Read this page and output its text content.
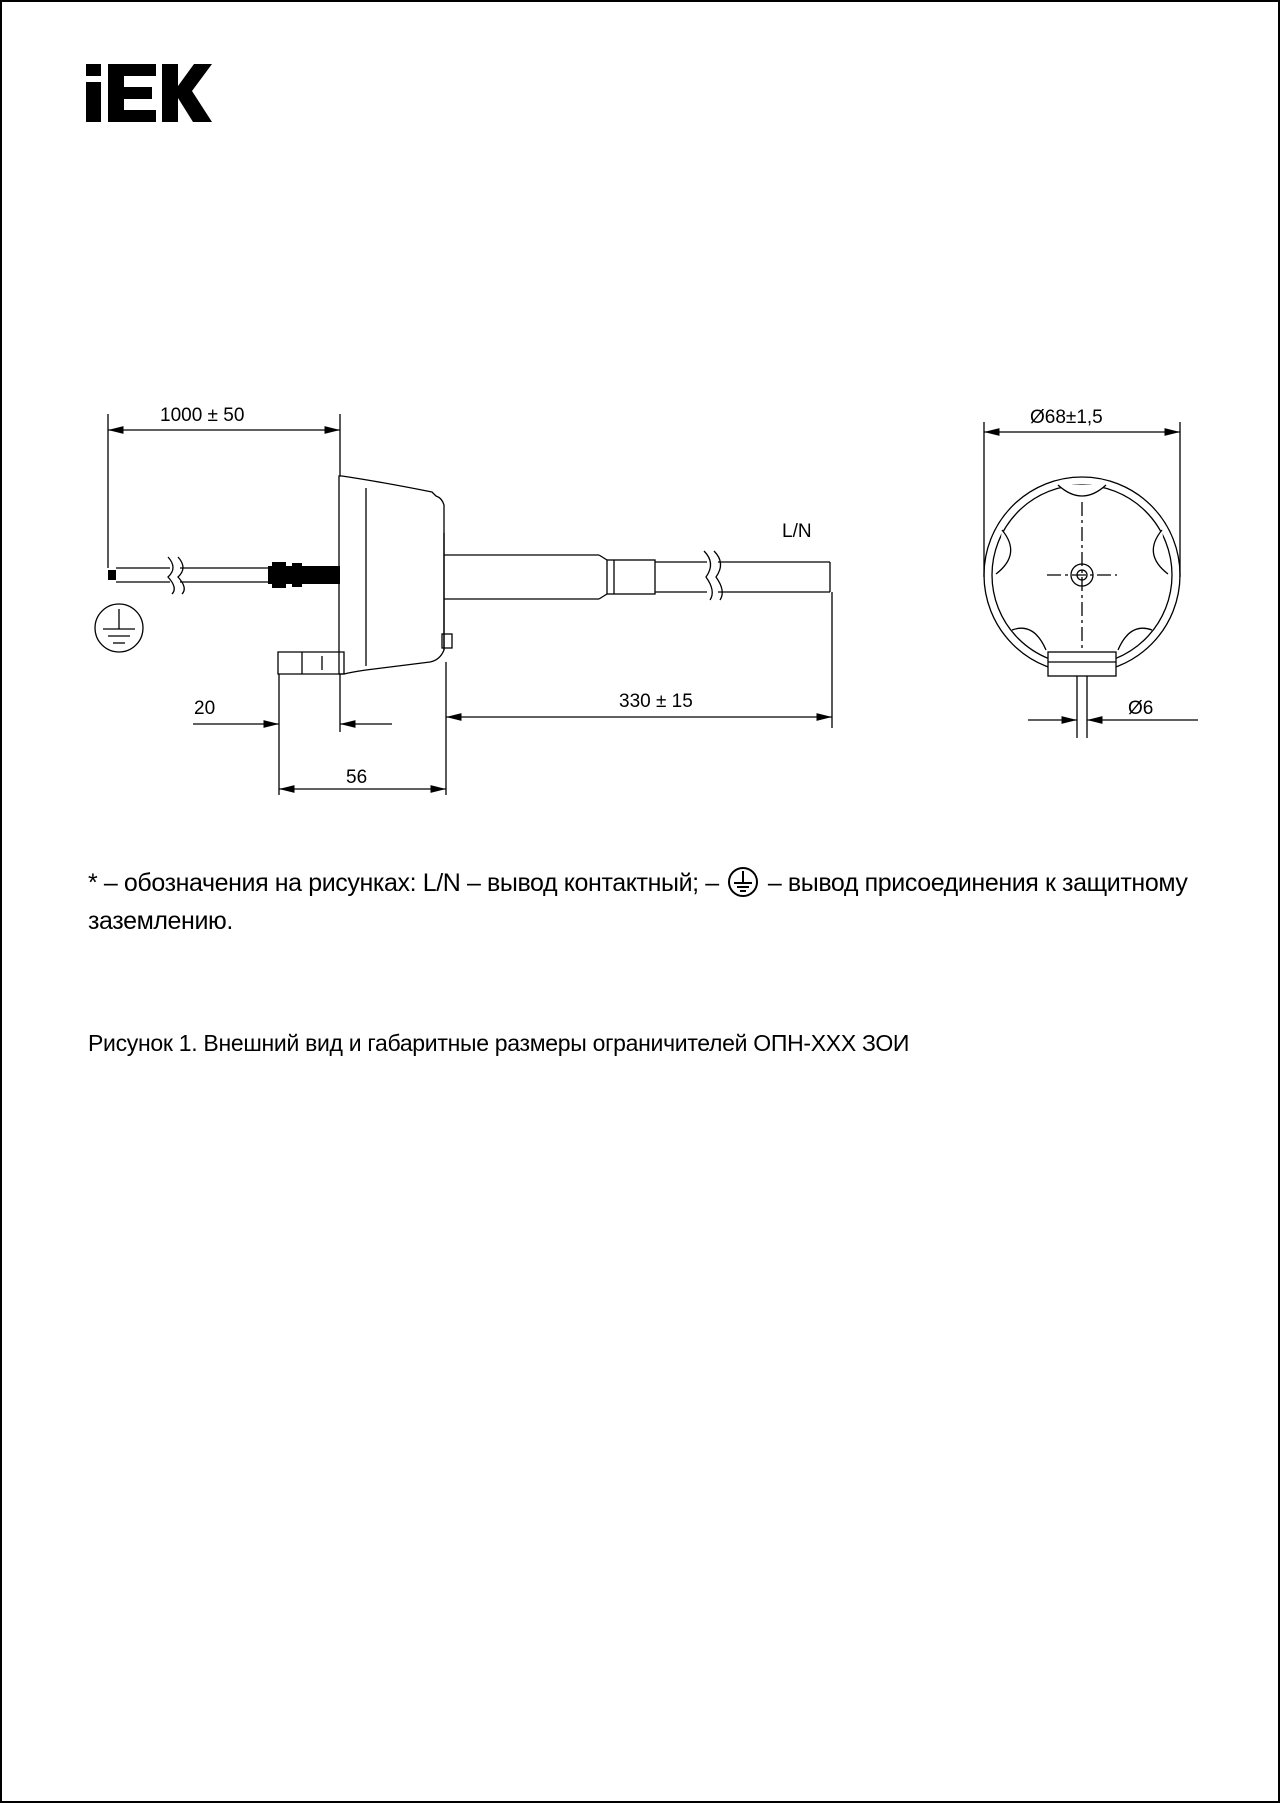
1000 ± 50
20
56
330 ± 15
L/N
Ø68±1,5
Ø6
* – обозначения на рисунках: L/N – вывод контактный; – – вывод присоединения к защитному заземлению.
Рисунок 1. Внешний вид и габаритные размеры ограничителей ОПН-XXX ЗОИ
